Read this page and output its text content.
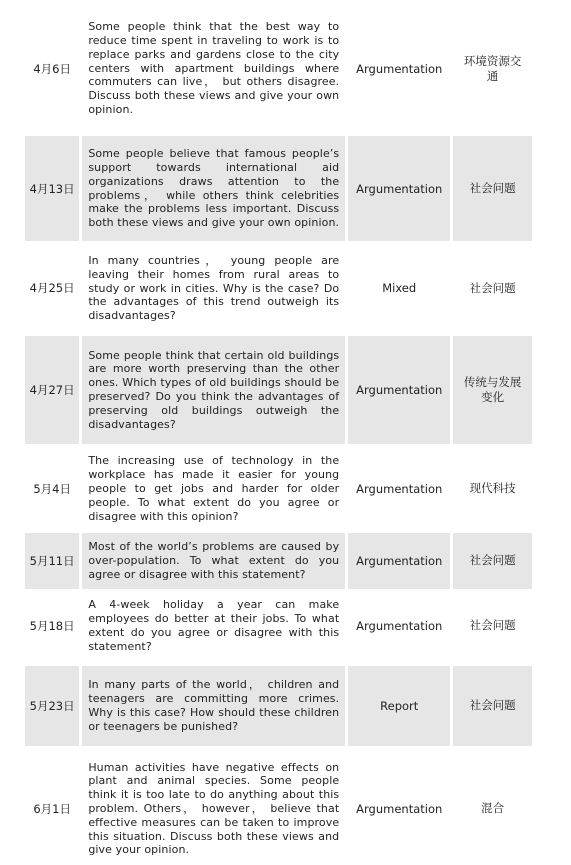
4月6日	Some people think that the best way to reduce time spent in traveling to work is to replace parks and gardens close to the city centers with apartment buildings where commuters can live， but others disagree. Discuss both these views and give your own opinion.	Argumentation	环境资源交通

4月13日	Some people believe that famous people’s support towards international aid organizations draws attention to the problems， while others think celebrities make the problems less important. Discuss both these views and give your own opinion.	Argumentation	社会问题

4月25日	In many countries， young people are leaving their homes from rural areas to study or work in cities. Why is the case? Do the advantages of this trend outweigh its disadvantages?	Mixed	社会问题

4月27日	Some people think that certain old buildings are more worth preserving than the other ones. Which types of old buildings should be preserved? Do you think the advantages of preserving old buildings outweigh the disadvantages?	Argumentation	传统与发展变化

5月4日	The increasing use of technology in the workplace has made it easier for young people to get jobs and harder for older people. To what extent do you agree or disagree with this opinion?	Argumentation	现代科技

5月11日	Most of the world’s problems are caused by over-population. To what extent do you agree or disagree with this statement?	Argumentation	社会问题

5月18日	A 4-week holiday a year can make employees do better at their jobs. To what extent do you agree or disagree with this statement?	Argumentation	社会问题

5月23日	In many parts of the world， children and teenagers are committing more crimes. Why is this case? How should these children or teenagers be punished?	Report	社会问题

6月1日	Human activities have negative effects on plant and animal species. Some people think it is too late to do anything about this problem. Others， however， believe that effective measures can be taken to improve this situation. Discuss both these views and give your opinion.	Argumentation	混合
